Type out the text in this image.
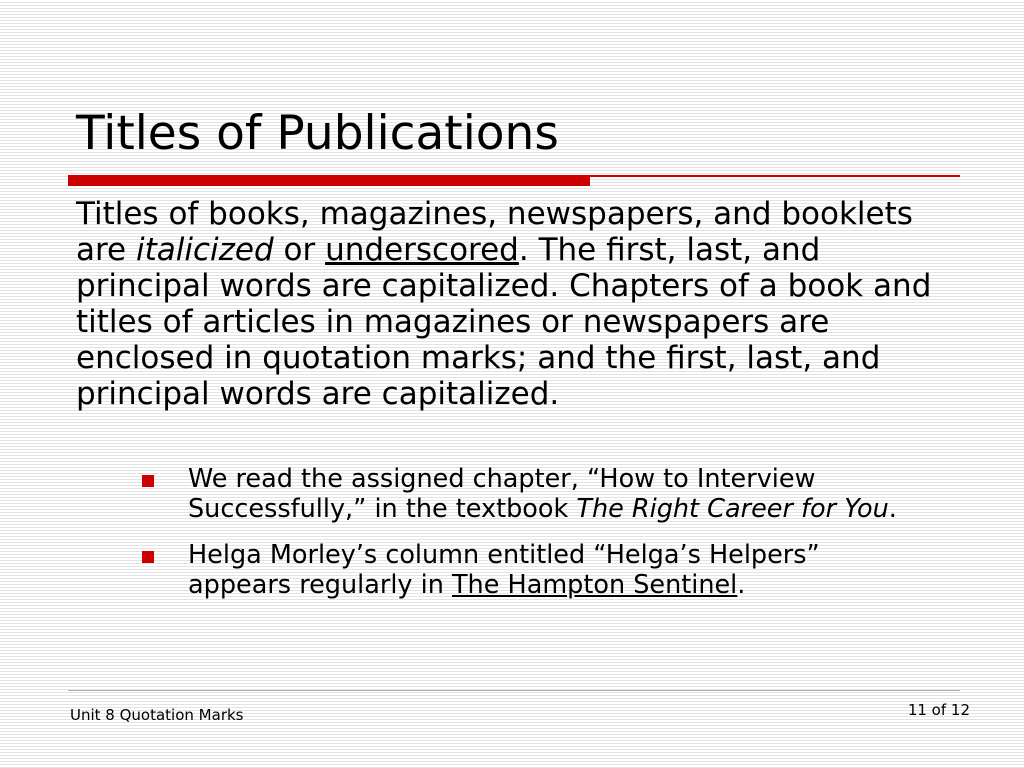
Titles of Publications

Titles of books, magazines, newspapers, and booklets are italicized or underscored. The first, last, and principal words are capitalized. Chapters of a book and titles of articles in magazines or newspapers are enclosed in quotation marks; and the first, last, and principal words are capitalized.

We read the assigned chapter, “How to Interview Successfully,” in the textbook The Right Career for You.
Helga Morley’s column entitled “Helga’s Helpers” appears regularly in The Hampton Sentinel.
Unit 8 Quotation Marks	11 of 12
